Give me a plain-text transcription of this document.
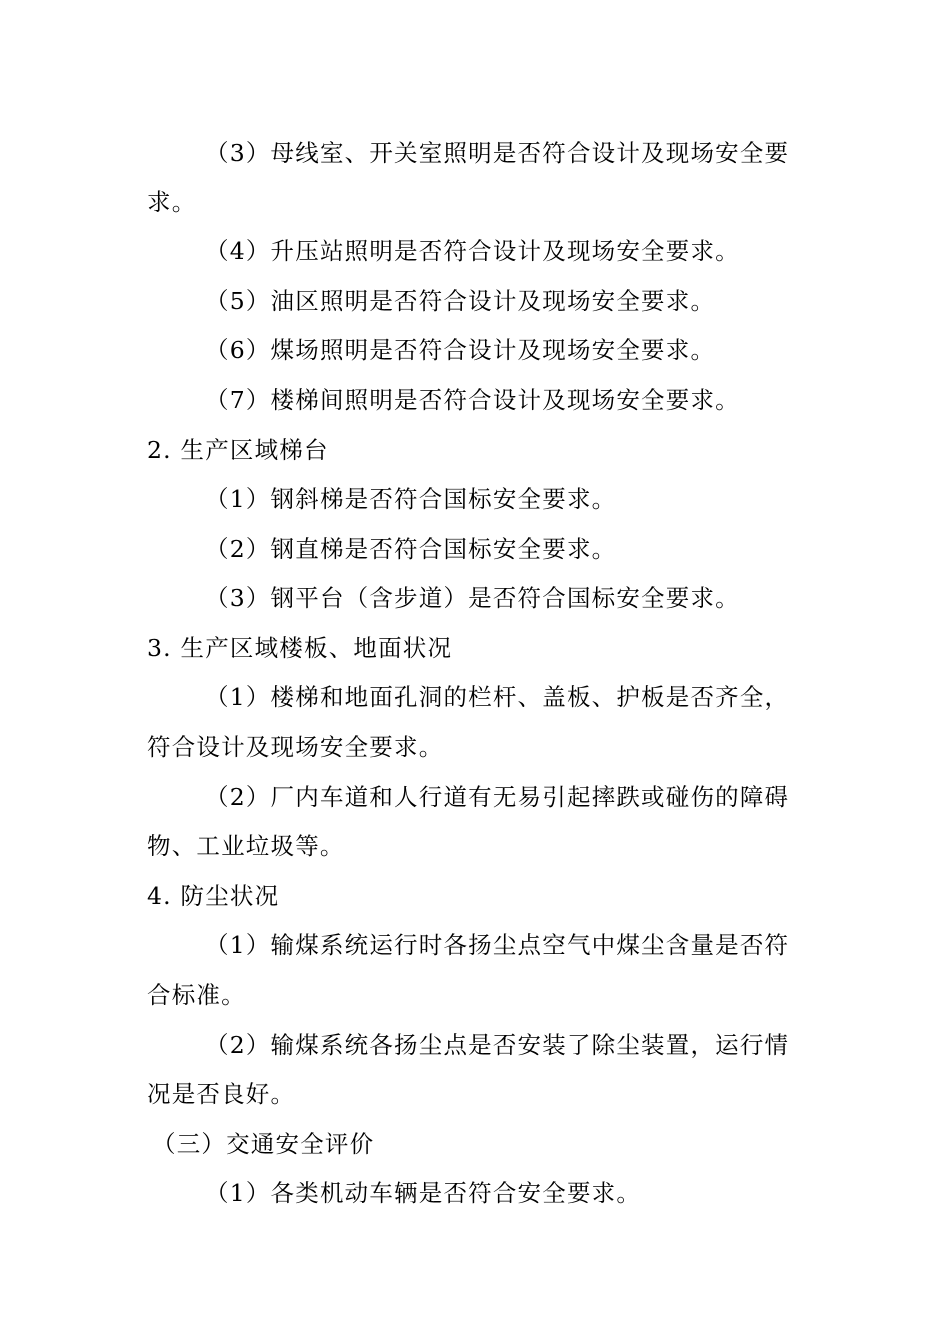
（3）母线室、开关室照明是否符合设计及现场安全要
求。
（4）升压站照明是否符合设计及现场安全要求。
（5）油区照明是否符合设计及现场安全要求。
（6）煤场照明是否符合设计及现场安全要求。
（7）楼梯间照明是否符合设计及现场安全要求。
2. 生产区域梯台
（1）钢斜梯是否符合国标安全要求。
（2）钢直梯是否符合国标安全要求。
（3）钢平台（含步道）是否符合国标安全要求。
3. 生产区域楼板、地面状况
（1）楼梯和地面孔洞的栏杆、盖板、护板是否齐全，
符合设计及现场安全要求。
（2）厂内车道和人行道有无易引起摔跌或碰伤的障碍
物、工业垃圾等。
4. 防尘状况
（1）输煤系统运行时各扬尘点空气中煤尘含量是否符
合标准。
（2）输煤系统各扬尘点是否安装了除尘装置，运行情
况是否良好。
（三）交通安全评价
（1）各类机动车辆是否符合安全要求。
